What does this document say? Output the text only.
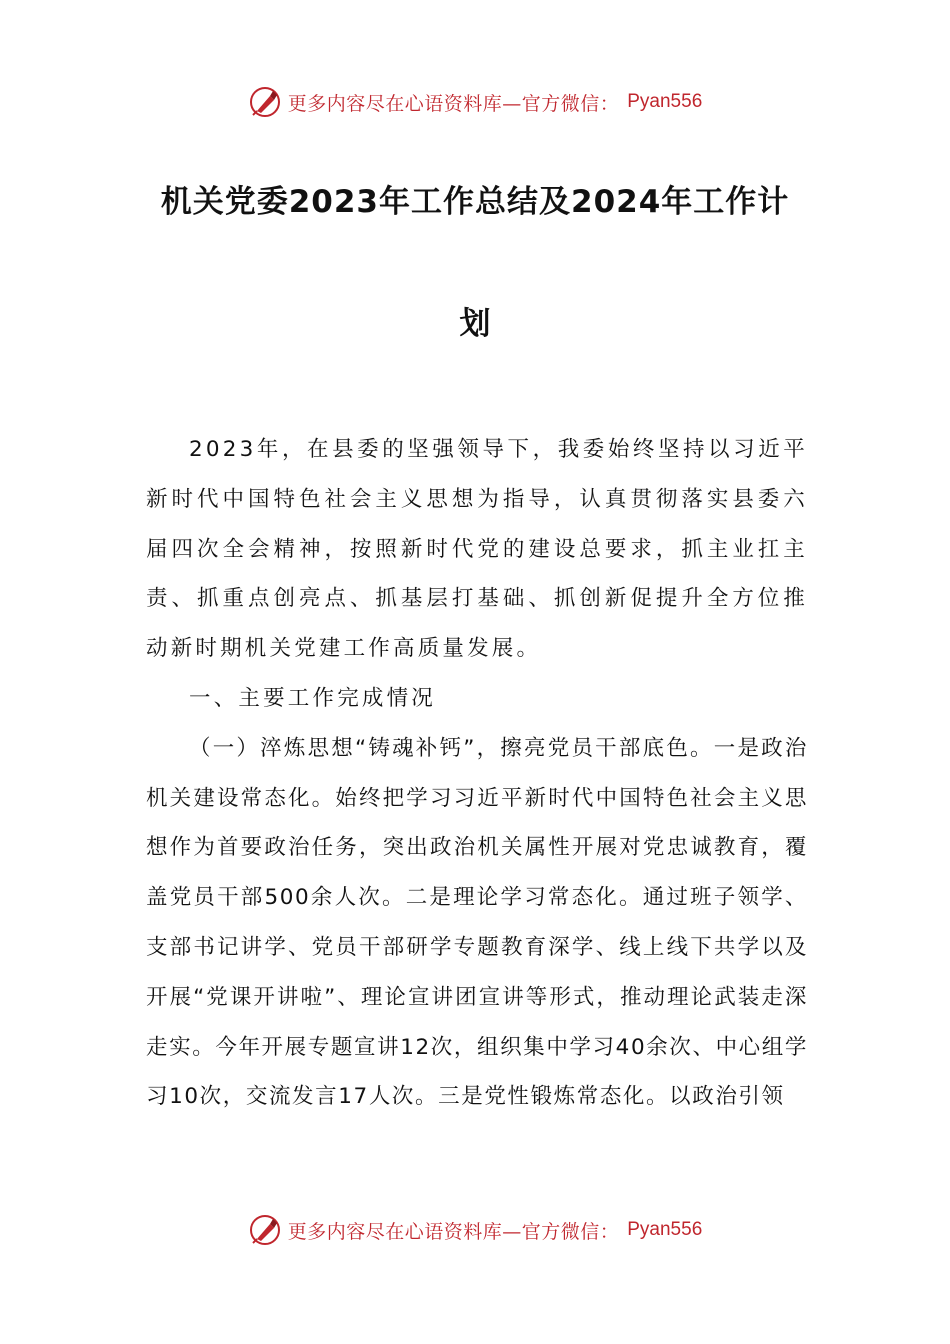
更多内容尽在心语资料库—官方微信： Pyan556
机关党委2023年工作总结及2024年工作计
划

2023年，在县委的坚强领导下，我委始终坚持以习近平新时代中国特色社会主义思想为指导，认真贯彻落实县委六届四次全会精神，按照新时代党的建设总要求，抓主业扛主责、抓重点创亮点、抓基层打基础、抓创新促提升全方位推动新时期机关党建工作高质量发展。

一、主要工作完成情况

（一）淬炼思想“铸魂补钙”，擦亮党员干部底色。一是政治机关建设常态化。始终把学习习近平新时代中国特色社会主义思想作为首要政治任务，突出政治机关属性开展对党忠诚教育，覆盖党员干部500余人次。二是理论学习常态化。通过班子领学、支部书记讲学、党员干部研学专题教育深学、线上线下共学以及开展“党课开讲啦”、理论宣讲团宣讲等形式，推动理论武装走深走实。今年开展专题宣讲12次，组织集中学习40余次、中心组学习10次，交流发言17人次。三是党性锻炼常态化。以政治引领

更多内容尽在心语资料库—官方微信： Pyan556
